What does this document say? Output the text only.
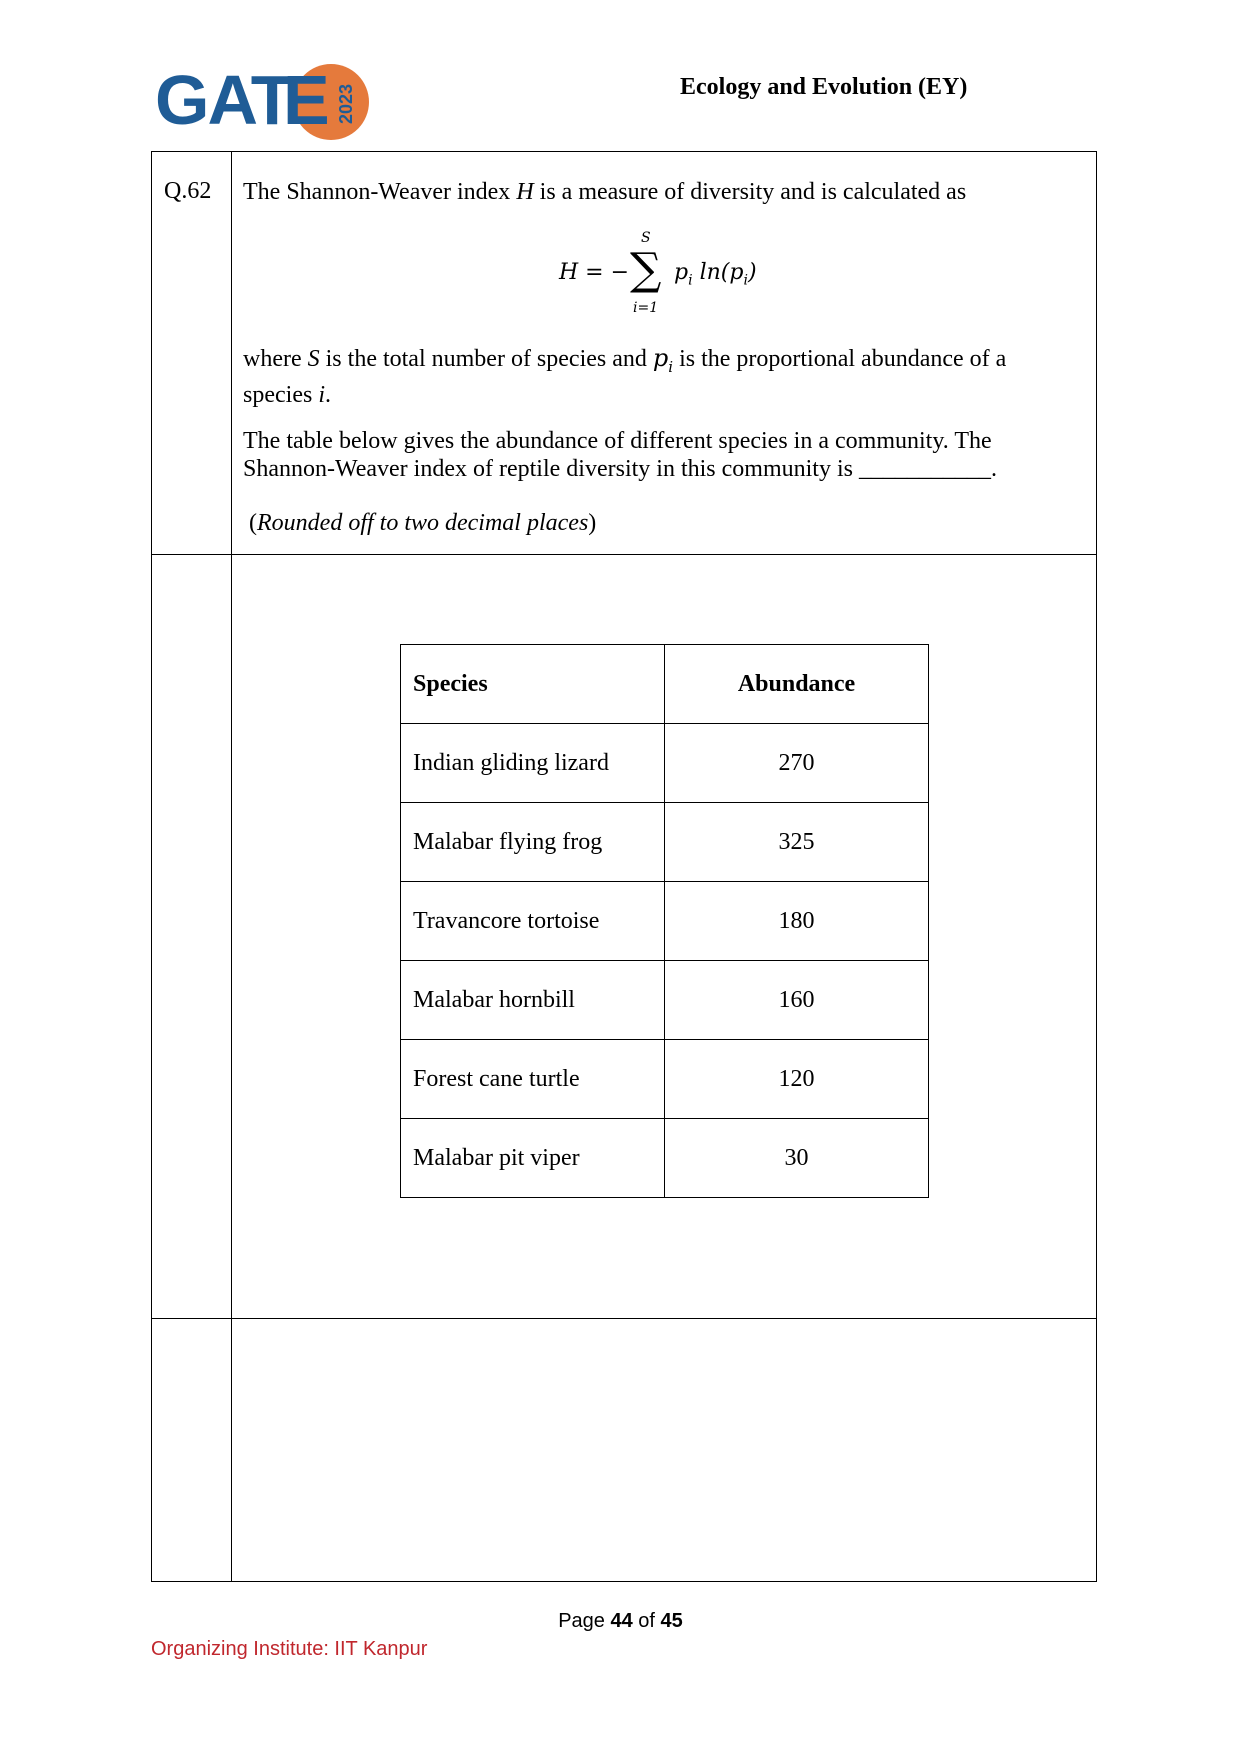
GAT
E 2023	Ecology and Evolution (EY)
Q.62 The Shannon-Weaver index H is a measure of diversity and is calculated as
H = −
S
∑
i=1
$p_i$ $\ln(p_i)$
where S is the total number of species and $p_i$ is the proportional abundance of a species i.
The table below gives the abundance of different species in a community. The Shannon-Weaver index of reptile diversity in this community is ___________.
(Rounded off to two decimal places)
Species	Abundance
Indian gliding lizard	270
Malabar flying frog	325
Travancore tortoise	180
Malabar hornbill	160
Forest cane turtle	120
Malabar pit viper	30
Page 44 of 45
Organizing Institute: IIT Kanpur
